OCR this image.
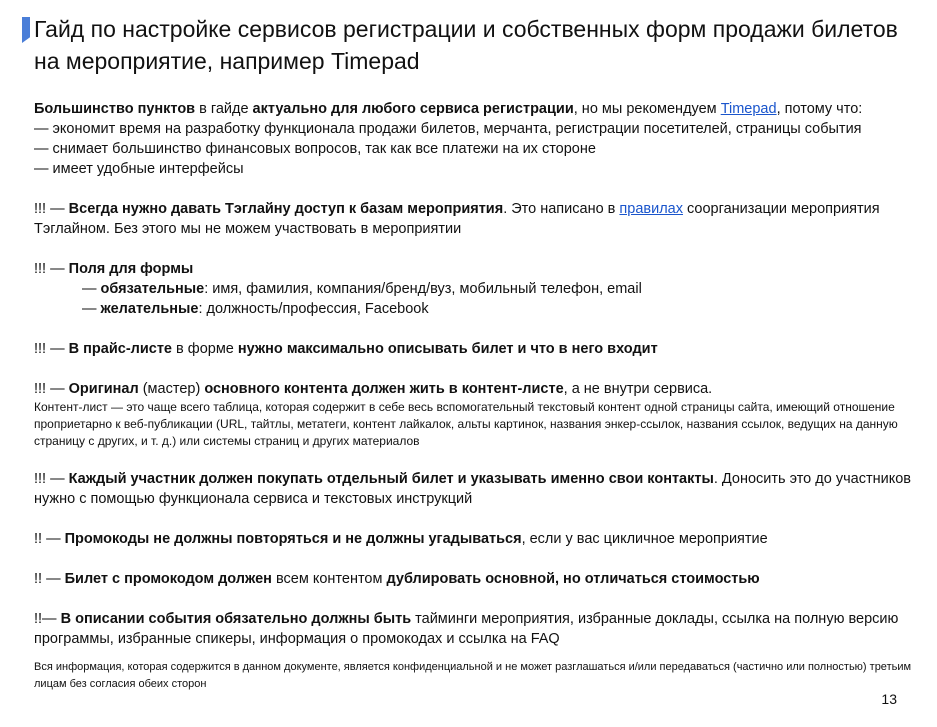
Гайд по настройке сервисов регистрации и собственных форм продажи билетов на мероприятие, например Timepad

Большинство пунктов в гайде актуально для любого сервиса регистрации, но мы рекомендуем Timepad, потому что:

— экономит время на разработку функционала продажи билетов, мерчанта, регистрации посетителей, страницы события

— снимает большинство финансовых вопросов, так как все платежи на их стороне

— имеет удобные интерфейсы

!!! — Всегда нужно давать Тэглайну доступ к базам мероприятия. Это написано в правилах соорганизации мероприятия Тэглайном. Без этого мы не можем участвовать в мероприятии

!!! — Поля для формы

— обязательные: имя, фамилия, компания/бренд/вуз, мобильный телефон, email

— желательные: должность/профессия, Facebook

!!! — В прайс-листе в форме нужно максимально описывать билет и что в него входит

!!! — Оригинал (мастер) основного контента должен жить в контент-листе, а не внутри сервиса.

Контент-лист — это чаще всего таблица, которая содержит в себе весь вспомогательный текстовый контент одной страницы сайта, имеющий отношение проприетарно к веб-публикации (URL, тайтлы, метатеги, контент лайкалок, альты картинок, названия энкер-ссылок, названия ссылок, ведущих на данную страницу с других, и т. д.) или системы страниц и других материалов

!!! — Каждый участник должен покупать отдельный билет и указывать именно свои контакты. Доносить это до участников нужно с помощью функционала сервиса и текстовых инструкций

!! — Промокоды не должны повторяться и не должны угадываться, если у вас цикличное мероприятие

!! — Билет с промокодом должен всем контентом дублировать основной, но отличаться стоимостью

!!— В описании события обязательно должны быть тайминги мероприятия, избранные доклады, ссылка на полную версию программы, избранные спикеры, информация о промокодах и ссылка на FAQ

Вся информация, которая содержится в данном документе, является конфиденциальной и не может разглашаться и/или передаваться (частично или полностью) третьим лицам без согласия обеих сторон
13
